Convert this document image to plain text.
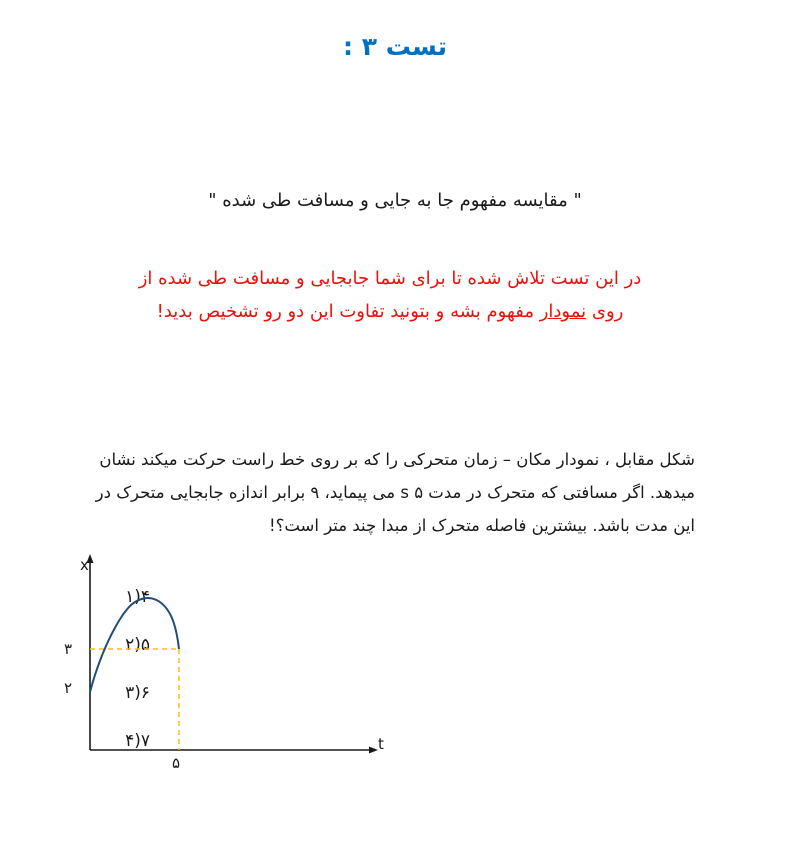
تست ۳ :
" مقایسه مفهوم جا به جایی و مسافت طی شده "
در این تست تلاش شده تا برای شما جابجایی و مسافت طی شده از
روی نمودار مفهوم بشه و بتونید تفاوت این دو رو تشخیص بدید!
شکل مقابل ، نمودار مکان – زمان متحرکی را که بر روی خط راست حرکت میکند نشان میدهد. اگر مسافتی که متحرک در مدت ۵ s می پیماید، ۹ برابر اندازه جابجایی متحرک در این مدت باشد. بیشترین فاصله متحرک از مبدا چند متر است؟!
۴(۱
۵(۲
۶(۳
۷(۴
x
t
۳
۲
۵
